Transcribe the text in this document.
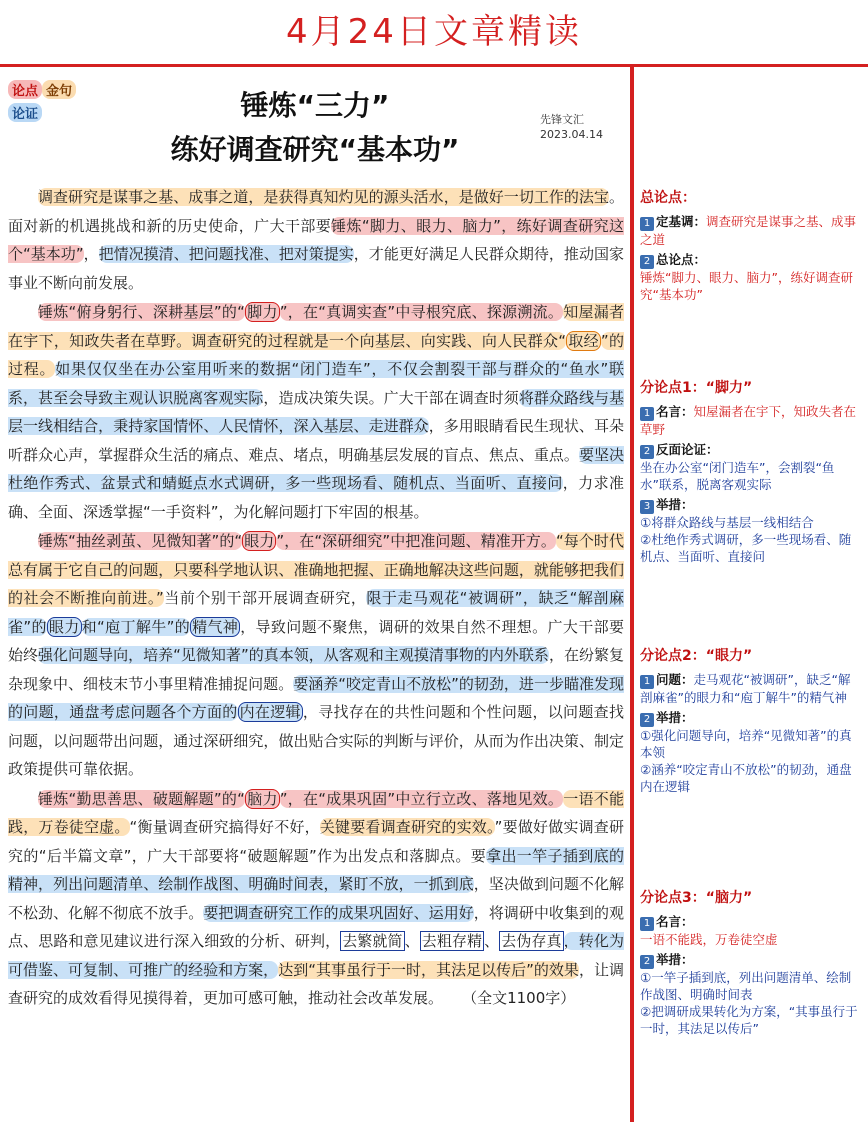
4月24日文章精读
论点 金句
论证	锤炼“三力”
练好调查研究“基本功”
先锋文汇
2023.04.14

调查研究是谋事之基、成事之道，是获得真知灼见的源头活水，是做好一切工作的法宝。面对新的机遇挑战和新的历史使命，广大干部要锤炼“脚力、眼力、脑力”，练好调查研究这个“基本功”，把情况摸清、把问题找准、把对策提实，才能更好满足人民群众期待，推动国家事业不断向前发展。

锤炼“俯身躬行、深耕基层”的“ 脚力 ”，在“真调实查”中寻根究底、探源溯流。知屋漏者在宇下，知政失者在草野。调查研究的过程就是一个向基层、向实践、向人民群众“ 取经 ”的过程。如果仅仅坐在办公室用听来的数据“闭门造车”，不仅会割裂干部与群众的“鱼水”联系，甚至会导致主观认识脱离客观实际，造成决策失误。广大干部在调查时须将群众路线与基层一线相结合，秉持家国情怀、人民情怀，深入基层、走进群众，多用眼睛看民生现状、耳朵听群众心声，掌握群众生活的痛点、难点、堵点，明确基层发展的盲点、焦点、重点。要坚决杜绝作秀式、盆景式和蜻蜓点水式调研，多一些现场看、随机点、当面听、直接问，力求准确、全面、深透掌握“一手资料”，为化解问题打下牢固的根基。

锤炼“抽丝剥茧、见微知著”的“ 眼力 ”，在“深研细究”中把准问题、精准开方。“每个时代总有属于它自己的问题，只要科学地认识、准确地把握、正确地解决这些问题，就能够把我们的社会不断推向前进。”当前个别干部开展调查研究，限于走马观花“被调研”，缺乏“解剖麻雀”的 眼力 和“庖丁解牛”的 精气神 ，导致问题不聚焦，调研的效果自然不理想。广大干部要始终强化问题导向，培养“见微知著”的真本领，从客观和主观摸清事物的内外联系，在纷繁复杂现象中、细枝末节小事里精准捕捉问题。要涵养“咬定青山不放松”的韧劲，进一步瞄准发现的问题，通盘考虑问题各个方面的 内在逻辑 ，寻找存在的共性问题和个性问题，以问题查找问题，以问题带出问题，通过深研细究，做出贴合实际的判断与评价，从而为作出决策、制定政策提供可靠依据。

锤炼“勤思善思、破题解题”的“ 脑力 ”，在“成果巩固”中立行立改、落地见效。一语不能践，万卷徒空虚。“衡量调查研究搞得好不好，关键要看调查研究的实效。”要做好做实调查研究的“后半篇文章”，广大干部要将“破题解题”作为出发点和落脚点。要拿出一竿子插到底的精神，列出问题清单、绘制作战图、明确时间表，紧盯不放，一抓到底，坚决做到问题不化解不松劲、化解不彻底不放手。要把调查研究工作的成果巩固好、运用好，将调研中收集到的观点、思路和意见建议进行深入细致的分析、研判， 去繁就简 、 去粗存精 、 去伪存真 ，转化为可借鉴、可复制、可推广的经验和方案，达到“其事虽行于一时，其法足以传后”的效果，让调查研究的成效看得见摸得着，更加可感可触，推动社会改革发展。 （全文1100字）

总论点：
1 定基调：调查研究是谋事之基、成事之道
2 总论点：
锤炼“脚力、眼力、脑力”，练好调查研究“基本功”
分论点1：“脚力”
1 名言：知屋漏者在宇下，知政失者在草野
2 反面论证：
坐在办公室“闭门造车”，会割裂“鱼水”联系，脱离客观实际
3 举措：
①将群众路线与基层一线相结合
②杜绝作秀式调研，多一些现场看、随机点、当面听、直接问
分论点2：“眼力”
1 问题：走马观花“被调研”，缺乏“解剖麻雀”的眼力和“庖丁解牛”的精气神
2 举措：
①强化问题导向，培养“见微知著”的真本领
②涵养“咬定青山不放松”的韧劲，通盘内在逻辑
分论点3：“脑力”
1 名言：
一语不能践，万卷徒空虚
2 举措：
①一竿子插到底，列出问题清单、绘制作战图、明确时间表
②把调研成果转化为方案，“其事虽行于一时，其法足以传后”
